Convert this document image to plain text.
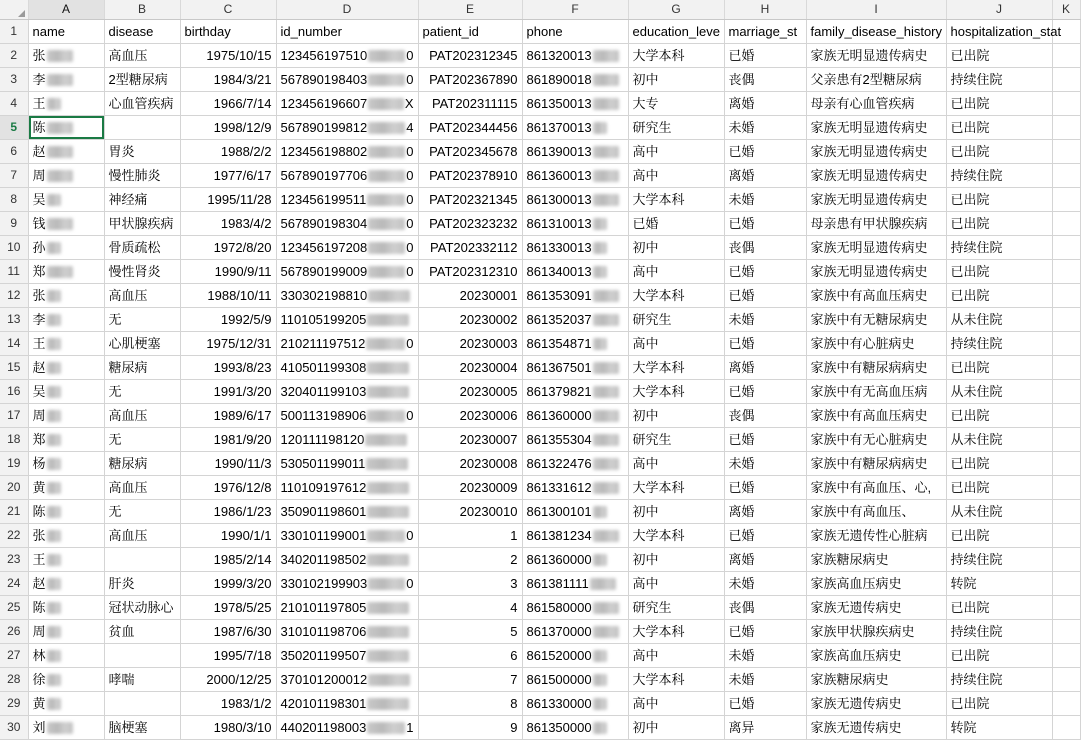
	A	B	C	D	E	F	G	H	I	J	K
1	name	disease	birthday	id_number	patient_id	phone	education_leve	marriage_st	family_disease_history	hospitalization_stat	
2	张	高血压	1975/10/15	123456197510 0	PAT202312345	861320013	大学本科	已婚	家族无明显遗传病史	已出院	

3	李	2型糖尿病	1984/3/21	567890198403 0	PAT202367890	861890018	初中	丧偶	父亲患有2型糖尿病	持续住院	

4	王	心血管疾病	1966/7/14	123456196607 X	PAT202311115	861350013	大专	离婚	母亲有心血管疾病	已出院	

5	陈		1998/12/9	567890199812 4	PAT202344456	861370013	研究生	未婚	家族无明显遗传病史	已出院	

6	赵	胃炎	1988/2/2	123456198802 0	PAT202345678	861390013	高中	已婚	家族无明显遗传病史	已出院	

7	周	慢性肺炎	1977/6/17	567890197706 0	PAT202378910	861360013	高中	离婚	家族无明显遗传病史	持续住院	

8	吴	神经痛	1995/11/28	123456199511 0	PAT202321345	861300013	大学本科	未婚	家族无明显遗传病史	已出院	

9	钱	甲状腺疾病	1983/4/2	567890198304 0	PAT202323232	861310013	已婚	已婚	母亲患有甲状腺疾病	已出院	

10	孙	骨质疏松	1972/8/20	123456197208 0	PAT202332112	861330013	初中	丧偶	家族无明显遗传病史	持续住院	

11	郑	慢性肾炎	1990/9/11	567890199009 0	PAT202312310	861340013	高中	已婚	家族无明显遗传病史	已出院	

12	张	高血压	1988/10/11	330302198810	20230001	861353091	大学本科	已婚	家族中有高血压病史	已出院	

13	李	无	1992/5/9	110105199205	20230002	861352037	研究生	未婚	家族中有无糖尿病史	从未住院	

14	王	心肌梗塞	1975/12/31	210211197512 0	20230003	861354871	高中	已婚	家族中有心脏病史	持续住院	

15	赵	糖尿病	1993/8/23	410501199308	20230004	861367501	大学本科	离婚	家族中有糖尿病病史	已出院	

16	吴	无	1991/3/20	320401199103	20230005	861379821	大学本科	已婚	家族中有无高血压病	从未住院	

17	周	高血压	1989/6/17	500113198906 0	20230006	861360000	初中	丧偶	家族中有高血压病史	已出院	

18	郑	无	1981/9/20	120111198120	20230007	861355304	研究生	已婚	家族中有无心脏病史	从未住院	

19	杨	糖尿病	1990/11/3	530501199011	20230008	861322476	高中	未婚	家族中有糖尿病病史	已出院	

20	黄	高血压	1976/12/8	110109197612	20230009	861331612	大学本科	已婚	家族中有高血压、心,	已出院	

21	陈	无	1986/1/23	350901198601	20230010	861300101	初中	离婚	家族中有高血压、	从未住院	

22	张	高血压	1990/1/1	330101199001 0	1	861381234	大学本科	已婚	家族无遗传性心脏病	已出院	

23	王		1985/2/14	340201198502	2	861360000	初中	离婚	家族糖尿病史	持续住院	

24	赵	肝炎	1999/3/20	330102199903 0	3	861381111	高中	未婚	家族高血压病史	转院	

25	陈	冠状动脉心	1978/5/25	210101197805	4	861580000	研究生	丧偶	家族无遗传病史	已出院	

26	周	贫血	1987/6/30	310101198706	5	861370000	大学本科	已婚	家族甲状腺疾病史	持续住院	

27	林		1995/7/18	350201199507	6	861520000	高中	未婚	家族高血压病史	已出院	

28	徐	哮喘	2000/12/25	370101200012	7	861500000	大学本科	未婚	家族糖尿病史	持续住院	

29	黄		1983/1/2	420101198301	8	861330000	高中	已婚	家族无遗传病史	已出院	

30	刘	脑梗塞	1980/3/10	440201198003 1	9	861350000	初中	离异	家族无遗传病史	转院	
